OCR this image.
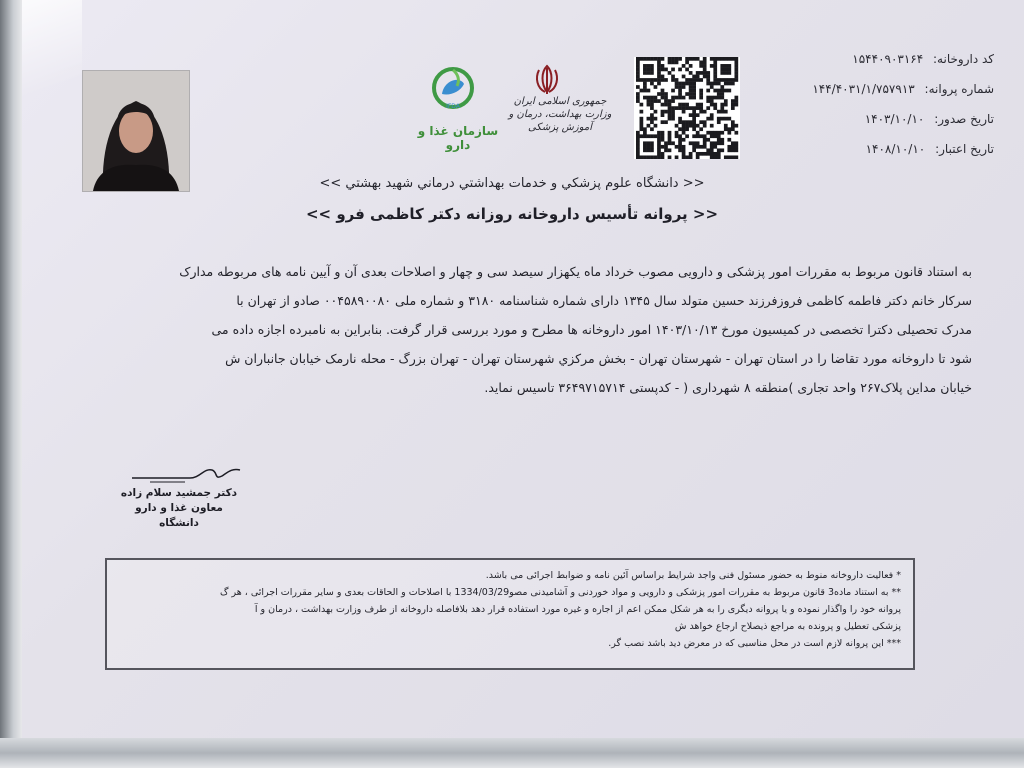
جمهوری اسلامی ایران
وزارت بهداشت، درمان و آموزش پزشکی
IFDA
سازمان غذا و دارو
کد داروخانه: ۱۵۴۴۰۹۰۳۱۶۴
شماره پروانه: ۱۴۴/۴۰۳۱/۱/۷۵۷۹۱۳
تاریخ صدور: ۱۴۰۳/۱۰/۱۰
تاریخ اعتبار: ۱۴۰۸/۱۰/۱۰
<< دانشگاه علوم پزشکي و خدمات بهداشتي درماني شهيد بهشتي >>
<< پروانه تأسیس داروخانه روزانه دکتر کاظمی فرو >>
به استناد قانون مربوط به مقررات امور پزشکی و دارویی مصوب خرداد ماه یکهزار سیصد سی و چهار و اصلاحات بعدی آن و آیین نامه های مربوطه مدارک
سرکار خانم دکتر فاطمه کاظمی فروزفرزند حسین متولد سال ۱۳۴۵ دارای شماره شناسنامه ۳۱۸۰ و شماره ملی ۰۰۴۵۸۹۰۰۸۰ صادو از تهران با
مدرک تحصیلی دکترا تخصصی در کمیسیون مورخ ۱۴۰۳/۱۰/۱۳ امور داروخانه ها مطرح و مورد بررسی قرار گرفت. بنابراین به نامبرده اجازه داده می
شود تا داروخانه مورد تقاضا را در استان تهران - شهرستان تهران - بخش مرکزي شهرستان تهران - تهران بزرگ - محله نارمک خیابان جانباران ش
خیابان مداین پلاک۲۶۷ واحد تجاری )منطقه ۸ شهرداری ( - کدپستی ۳۶۴۹۷۱۵۷۱۴ تاسیس نماید.
دکتر جمشید سلام زاده
معاون غذا و دارو دانشگاه
* فعالیت داروخانه منوط به حضور مسئول فنی واجد شرایط براساس آئین نامه و ضوابط اجرائی می باشد.
** به استناد ماده3 قانون مربوط به مقررات امور پزشکی و دارویی و مواد خوردنی و آشامیدنی مصو1334/03/29 با اصلاحات و الحاقات بعدی و سایر مقررات اجرائی ، هر گ
پروانه خود را واگذار نموده و یا پروانه دیگری را به هر شکل ممکن اعم از اجاره و غیره مورد استفاده قرار دهد بلافاصله داروخانه از طرف وزارت بهداشت ، درمان و آ
پزشکی تعطیل و پرونده به مراجع ذیصلاح ارجاع خواهد ش
*** این پروانه لازم است در محل مناسبی که در معرض دید باشد نصب گر.
